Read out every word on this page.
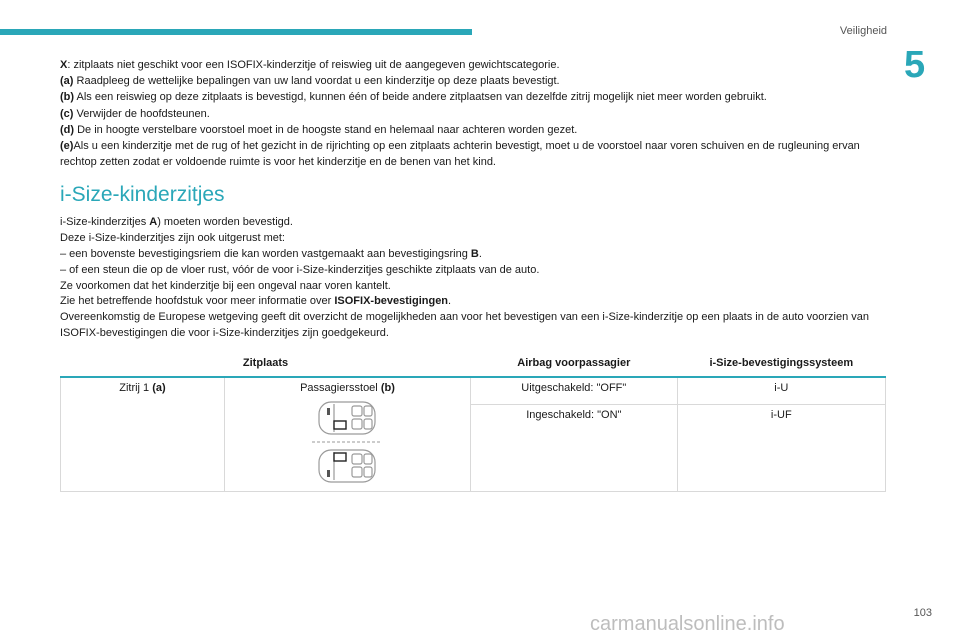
Veiligheid
5

X: zitplaats niet geschikt voor een ISOFIX-kinderzitje of reiswieg uit de aangegeven gewichtscategorie.

(a) Raadpleeg de wettelijke bepalingen van uw land voordat u een kinderzitje op deze plaats bevestigt.

(b) Als een reiswieg op deze zitplaats is bevestigd, kunnen één of beide andere zitplaatsen van dezelfde zitrij mogelijk niet meer worden gebruikt.

(c) Verwijder de hoofdsteunen.

(d) De in hoogte verstelbare voorstoel moet in de hoogste stand en helemaal naar achteren worden gezet.

(e)Als u een kinderzitje met de rug of het gezicht in de rijrichting op een zitplaats achterin bevestigt, moet u de voorstoel naar voren schuiven en de rugleuning ervan rechtop zetten zodat er voldoende ruimte is voor het kinderzitje en de benen van het kind.

i-Size-kinderzitjes

i-Size-kinderzitjes A) moeten worden bevestigd.

Deze i-Size-kinderzitjes zijn ook uitgerust met:

– een bovenste bevestigingsriem die kan worden vastgemaakt aan bevestigingsring B.

– of een steun die op de vloer rust, vóór de voor i-Size-kinderzitjes geschikte zitplaats van de auto.

Ze voorkomen dat het kinderzitje bij een ongeval naar voren kantelt.

Zie het betreffende hoofdstuk voor meer informatie over ISOFIX-bevestigingen.

Overeenkomstig de Europese wetgeving geeft dit overzicht de mogelijkheden aan voor het bevestigen van een i-Size-kinderzitje op een plaats in de auto voorzien van ISOFIX-bevestigingen die voor i-Size-kinderzitjes zijn goedgekeurd.

Zitplaats		Airbag voorpassagier	i-Size-bevestigingssysteem
Zitrij 1 (a)	Passagiersstoel (b)	Uitgeschakeld: "OFF"	i-U
		Ingeschakeld: "ON"	i-UF
carmanualsonline.info	103
